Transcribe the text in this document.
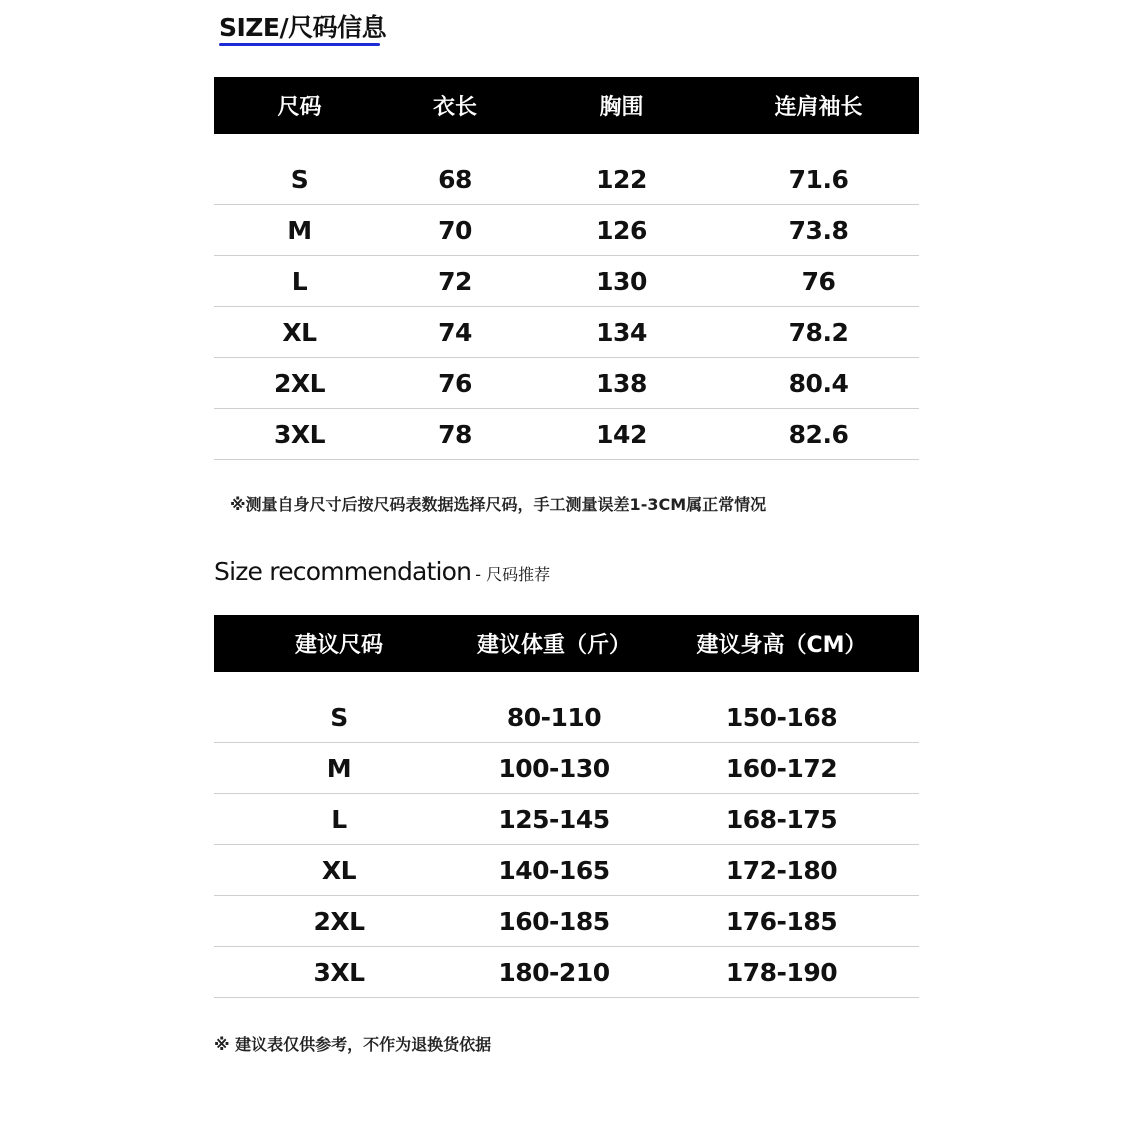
SIZE/尺码信息
尺码	衣长	胸围	连肩袖长

S	68	122	71.6
M	70	126	73.8
L	72	130	76
XL	74	134	78.2
2XL	76	138	80.4
3XL	78	142	82.6
※测量自身尺寸后按尺码表数据选择尺码，手工测量误差1-3CM属正常情况
Size recommendation - 尺码推荐
建议尺码	建议体重（斤）	建议身高（CM）

S	80-110	150-168
M	100-130	160-172
L	125-145	168-175
XL	140-165	172-180
2XL	160-185	176-185
3XL	180-210	178-190
※ 建议表仅供参考，不作为退换货依据
